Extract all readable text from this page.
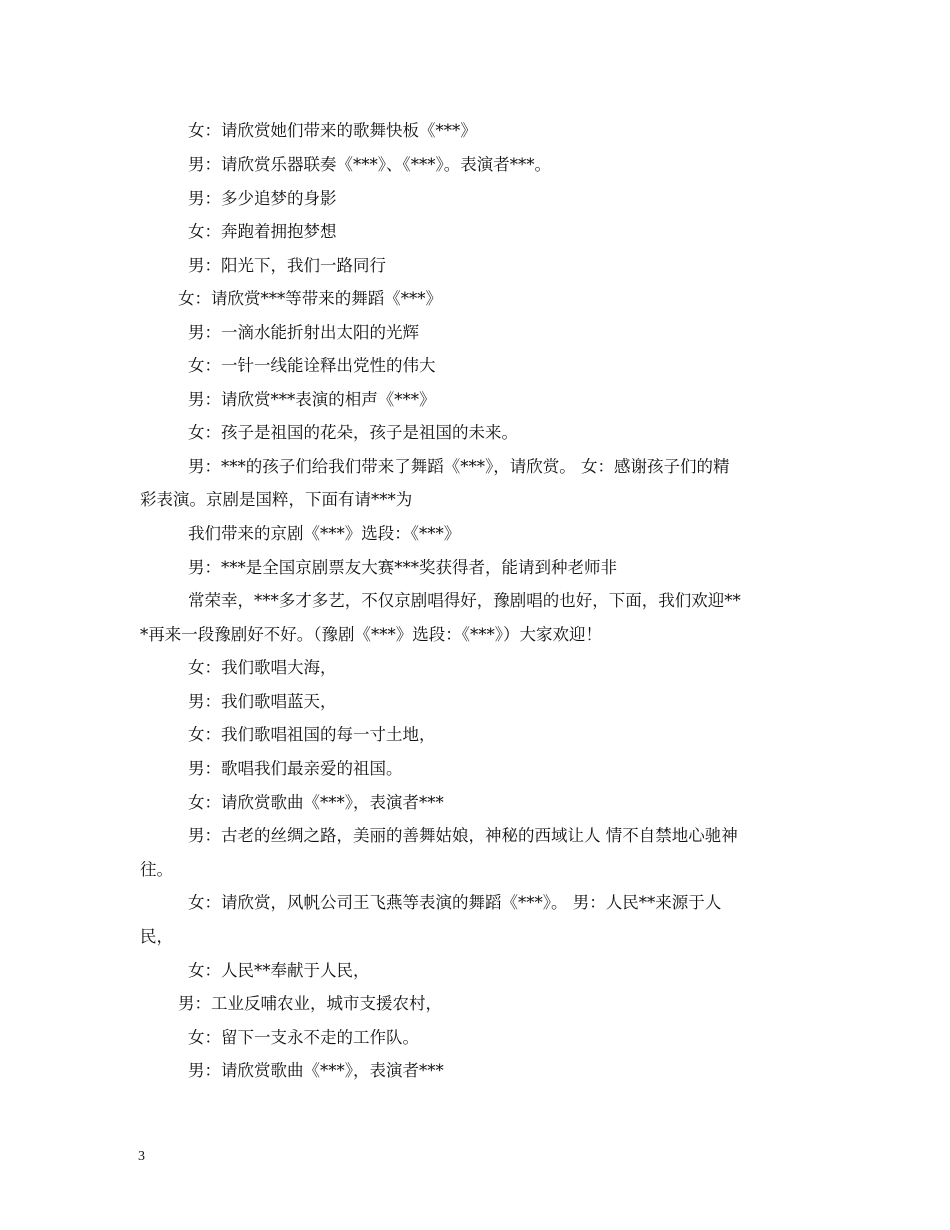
女：请欣赏她们带来的歌舞快板《***》
男：请欣赏乐器联奏《***》、《***》。表演者***。
男：多少追梦的身影
女：奔跑着拥抱梦想
男：阳光下，我们一路同行
女：请欣赏***等带来的舞蹈《***》
男：一滴水能折射出太阳的光辉
女：一针一线能诠释出党性的伟大
男：请欣赏***表演的相声《***》
女：孩子是祖国的花朵，孩子是祖国的未来。
男：***的孩子们给我们带来了舞蹈《***》，请欣赏。 女：感谢孩子们的精
彩表演。京剧是国粹，下面有请***为
我们带来的京剧《***》选段：《***》
男：***是全国京剧票友大赛***奖获得者，能请到种老师非
常荣幸，***多才多艺，不仅京剧唱得好，豫剧唱的也好，下面，我们欢迎**
*再来一段豫剧好不好。（豫剧《***》选段：《***》）大家欢迎！
女：我们歌唱大海，
男：我们歌唱蓝天，
女：我们歌唱祖国的每一寸土地，
男：歌唱我们最亲爱的祖国。
女：请欣赏歌曲《***》，表演者***
男：古老的丝绸之路，美丽的善舞姑娘，神秘的西域让人 情不自禁地心驰神
往。
女：请欣赏，风帆公司王飞燕等表演的舞蹈《***》。 男：人民**来源于人
民，
女：人民**奉献于人民，
男：工业反哺农业，城市支援农村，
女：留下一支永不走的工作队。
男：请欣赏歌曲《***》，表演者***
3
